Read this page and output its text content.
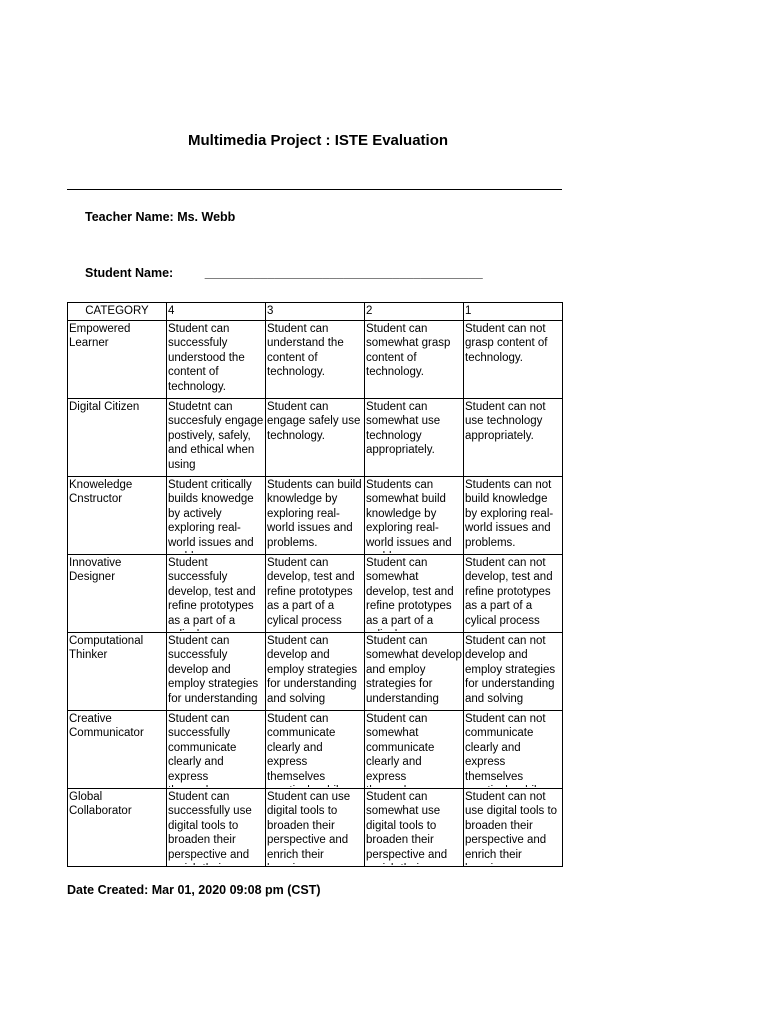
Multimedia Project : ISTE Evaluation
Teacher Name: Ms. Webb
Student Name:	________________________________________
CATEGORY	4	3	2	1

Empowered Learner	Student can successfuly understood the content of technology.	Student can understand the content of technology.	Student can somewhat grasp content of technology.	Student can not grasp content of technology.

Digital Citizen	Studetnt can succesfuly engage postively, safely, and ethical when using	Student can engage safely use technology.	Student can somewhat use technology appropriately.	Student can not use technology appropriately.

Knoweledge Cnstructor	Student critically builds knowedge by actively exploring real-world issues and	Students can build knowledge by exploring real-world issues and problems.	Students can somewhat build knowledge by exploring real-world issues and	Students can not build knowledge by exploring real-world issues and problems.

Innovative Designer	Student successfuly develop, test and refine prototypes as a part of a	Student can develop, test and refine prototypes as a part of a cylical process	Student can somewhat develop, test and refine prototypes as a part of a	Student can not develop, test and refine prototypes as a part of a cylical process

Computational Thinker	Student can successfuly develop and employ strategies for understanding	Student can develop and employ strategies for understanding and solving	Student can somewhat develop and employ strategies for understanding	Student can not develop and employ strategies for understanding and solving

Creative Communicator	Student can successfully communicate clearly and express	Student can communicate clearly and express themselves	Student can somewhat communicate clearly and express	Student can not communicate clearly and express themselves

Global Collaborator	Student can successfully use digital tools to broaden their perspective and	Student can use digital tools to broaden their perspective and enrich their	Student can somewhat use digital tools to broaden their perspective and	Student can not use digital tools to broaden their perspective and enrich their
Date Created: Mar 01, 2020 09:08 pm (CST)
